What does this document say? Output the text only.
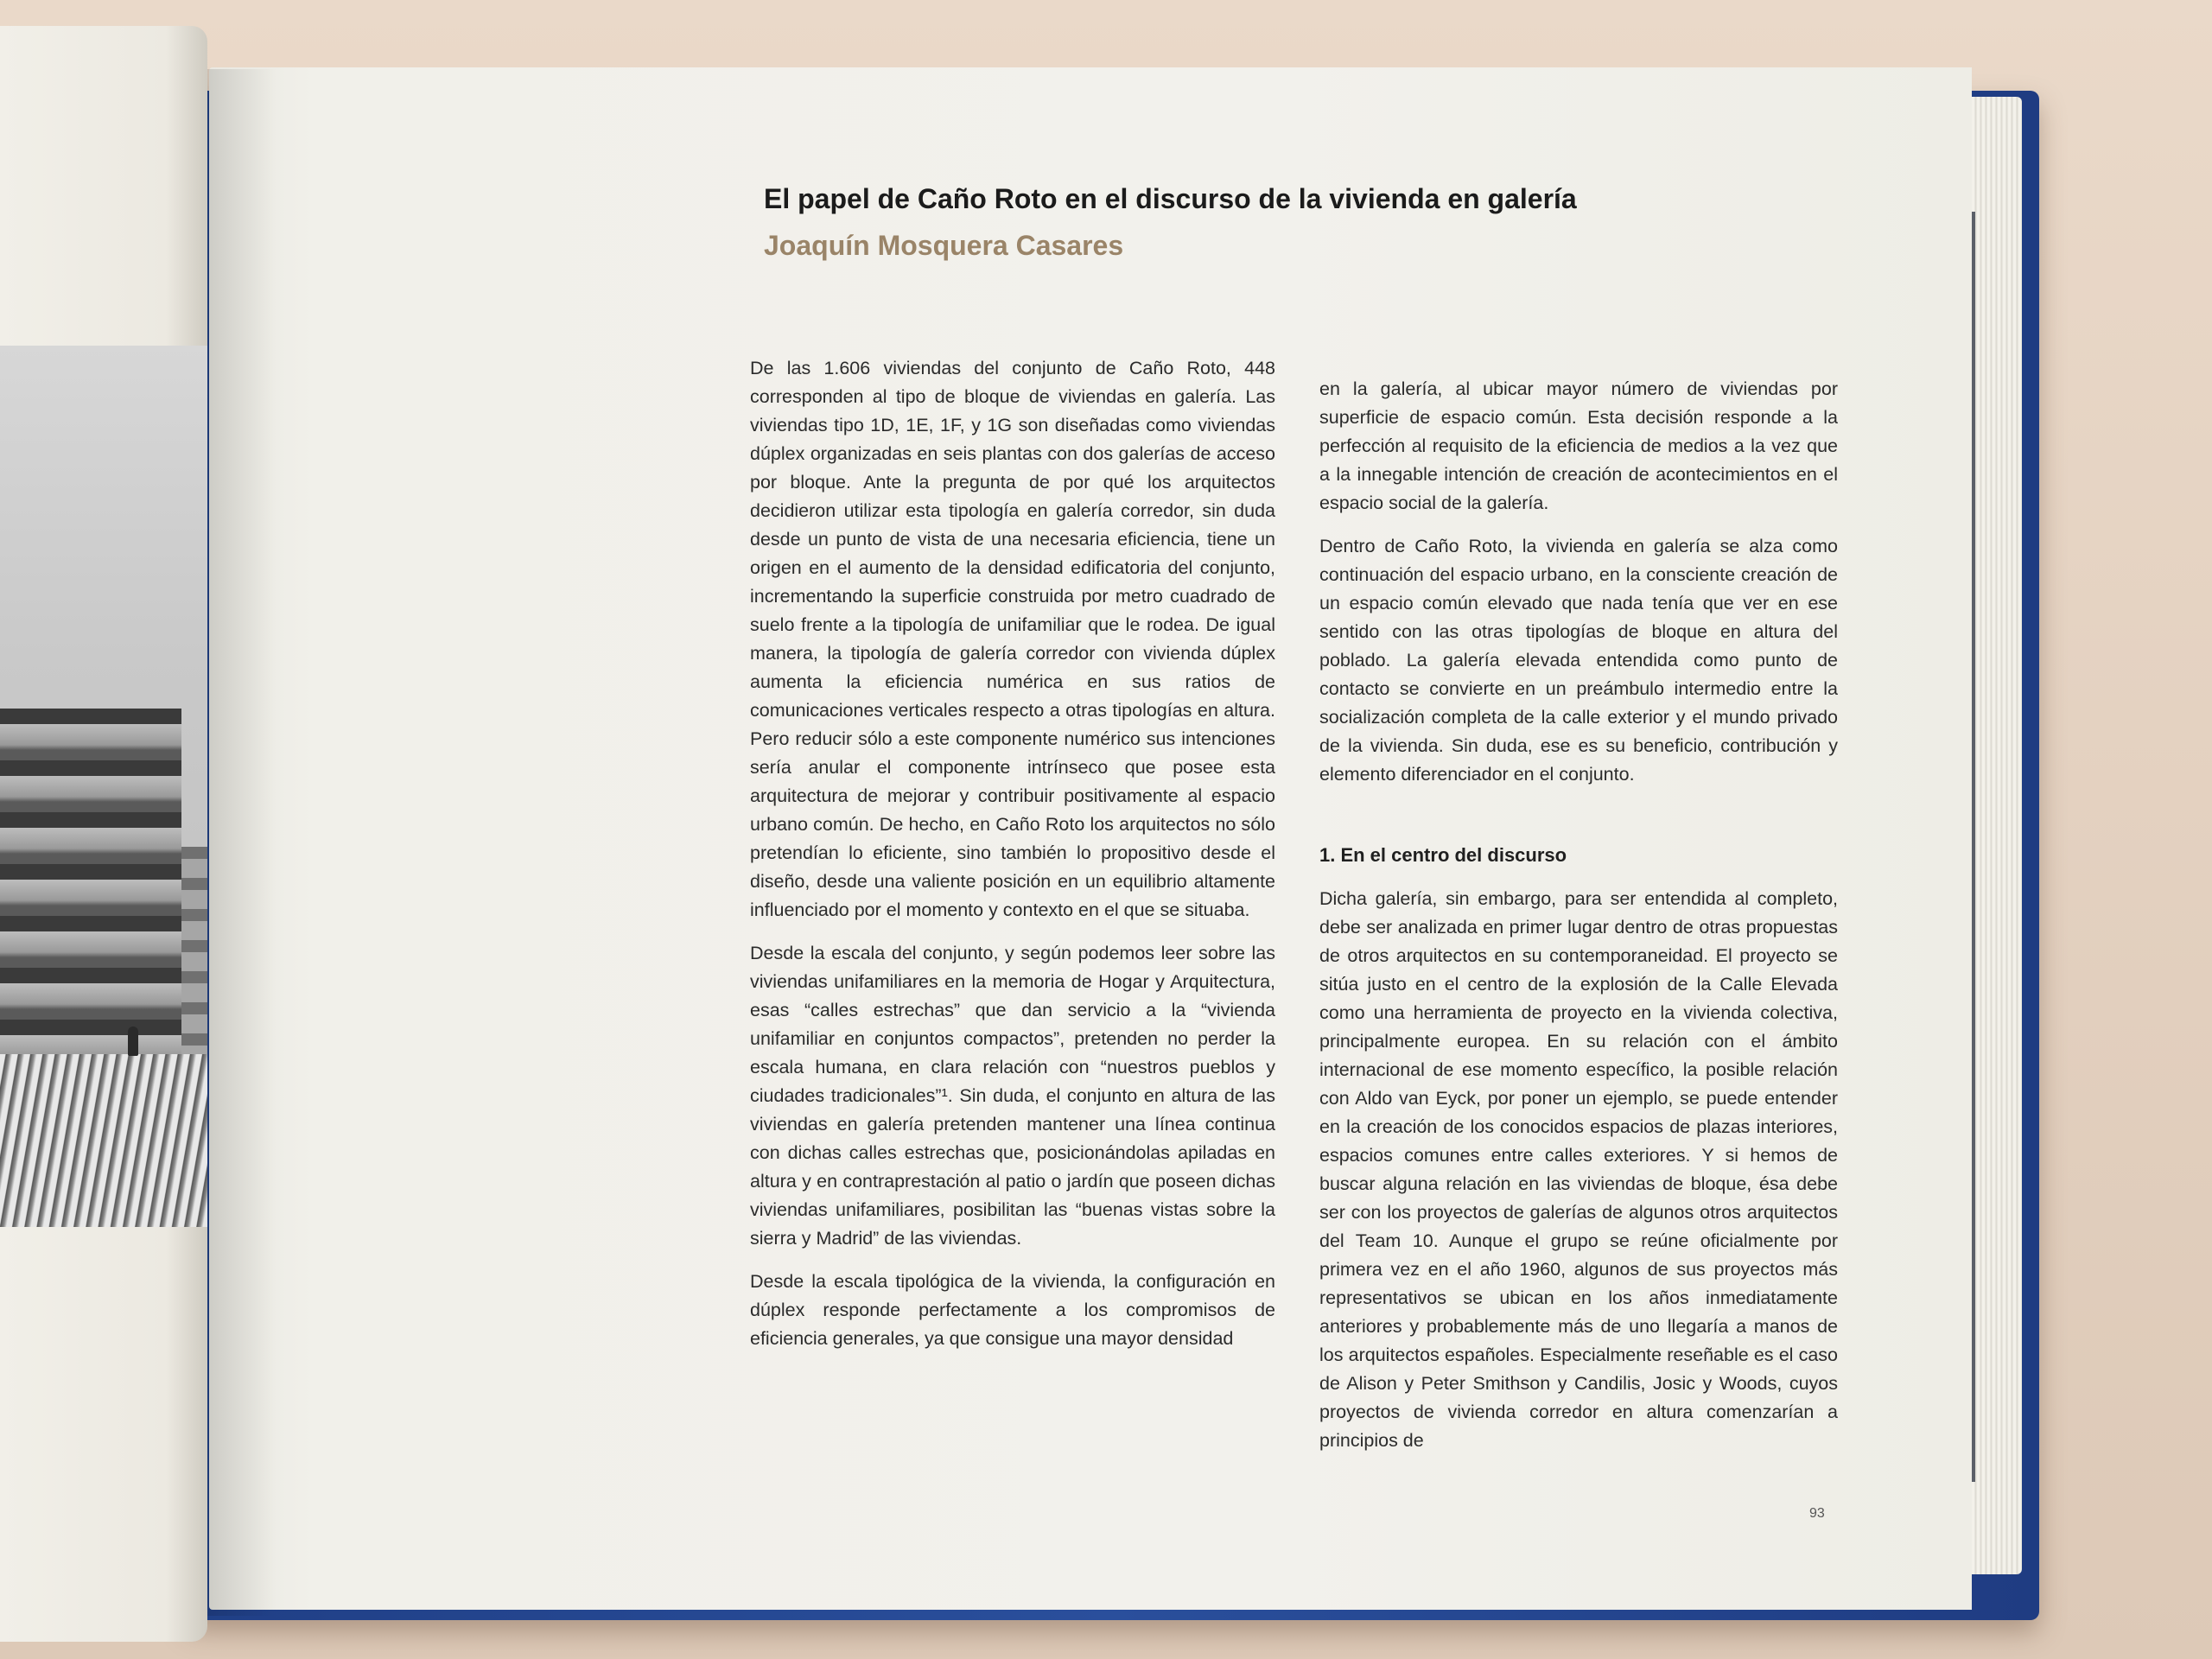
El papel de Caño Roto en el discurso de la vivienda en galería
Joaquín Mosquera Casares

De las 1.606 viviendas del conjunto de Caño Roto, 448 corresponden al tipo de bloque de viviendas en galería. Las viviendas tipo 1D, 1E, 1F, y 1G son diseñadas como viviendas dúplex organizadas en seis plantas con dos galerías de acceso por bloque. Ante la pregunta de por qué los arquitectos decidieron utilizar esta tipología en galería corredor, sin duda desde un punto de vista de una necesaria eficiencia, tiene un origen en el aumento de la densidad edificatoria del conjunto, incrementando la superficie construida por metro cuadrado de suelo frente a la tipología de unifamiliar que le rodea. De igual manera, la tipología de galería corredor con vivienda dúplex aumenta la eficiencia numérica en sus ratios de comunicaciones verticales respecto a otras tipologías en altura. Pero reducir sólo a este componente numérico sus intenciones sería anular el componente intrínseco que posee esta arquitectura de mejorar y contribuir positivamente al espacio urbano común. De hecho, en Caño Roto los arquitectos no sólo pretendían lo eficiente, sino también lo propositivo desde el diseño, desde una valiente posición en un equilibrio altamente influenciado por el momento y contexto en el que se situaba.

Desde la escala del conjunto, y según podemos leer sobre las viviendas unifamiliares en la memoria de Hogar y Arquitectura, esas “calles estrechas” que dan servicio a la “vivienda unifamiliar en conjuntos compactos”, pretenden no perder la escala humana, en clara relación con “nuestros pueblos y ciudades tradicionales”¹. Sin duda, el conjunto en altura de las viviendas en galería pretenden mantener una línea continua con dichas calles estrechas que, posicionándolas apiladas en altura y en contraprestación al patio o jardín que poseen dichas viviendas unifamiliares, posibilitan las “buenas vistas sobre la sierra y Madrid” de las viviendas.

Desde la escala tipológica de la vivienda, la configuración en dúplex responde perfectamente a los compromisos de eficiencia generales, ya que consigue una mayor densidad

en la galería, al ubicar mayor número de viviendas por superficie de espacio común. Esta decisión responde a la perfección al requisito de la eficiencia de medios a la vez que a la innegable intención de creación de acontecimientos en el espacio social de la galería.

Dentro de Caño Roto, la vivienda en galería se alza como continuación del espacio urbano, en la consciente creación de un espacio común elevado que nada tenía que ver en ese sentido con las otras tipologías de bloque en altura del poblado. La galería elevada entendida como punto de contacto se convierte en un preámbulo intermedio entre la socialización completa de la calle exterior y el mundo privado de la vivienda. Sin duda, ese es su beneficio, contribución y elemento diferenciador en el conjunto.

1. En el centro del discurso

Dicha galería, sin embargo, para ser entendida al completo, debe ser analizada en primer lugar dentro de otras propuestas de otros arquitectos en su contemporaneidad. El proyecto se sitúa justo en el centro de la explosión de la Calle Elevada como una herramienta de proyecto en la vivienda colectiva, principalmente europea. En su relación con el ámbito internacional de ese momento específico, la posible relación con Aldo van Eyck, por poner un ejemplo, se puede entender en la creación de los conocidos espacios de plazas interiores, espacios comunes entre calles exteriores. Y si hemos de buscar alguna relación en las viviendas de bloque, ésa debe ser con los proyectos de galerías de algunos otros arquitectos del Team 10. Aunque el grupo se reúne oficialmente por primera vez en el año 1960, algunos de sus proyectos más representativos se ubican en los años inmediatamente anteriores y probablemente más de uno llegaría a manos de los arquitectos españoles. Especialmente reseñable es el caso de Alison y Peter Smithson y Candilis, Josic y Woods, cuyos proyectos de vivienda corredor en altura comenzarían a principios de

93
